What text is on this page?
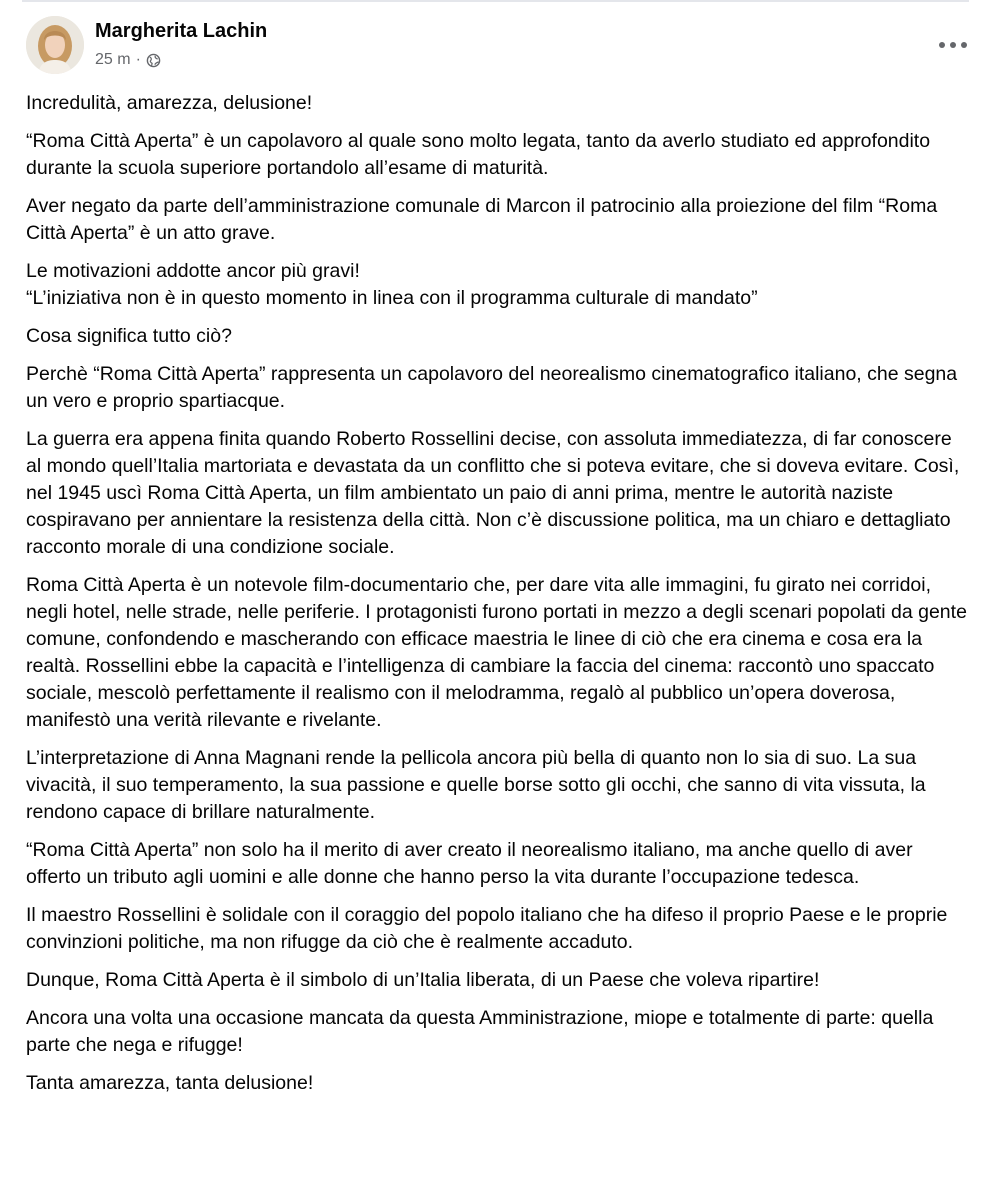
Margherita Lachin
25 m ·

Incredulità, amarezza, delusione!

“Roma Città Aperta” è un capolavoro al quale sono molto legata, tanto da averlo studiato ed approfondito durante la scuola superiore portandolo all’esame di maturità.

Aver negato da parte dell’amministrazione comunale di Marcon il patrocinio alla proiezione del film “Roma Città Aperta” è un atto grave.

Le motivazioni addotte ancor più gravi!
“L’iniziativa non è in questo momento in linea con il programma culturale di mandato”

Cosa significa tutto ciò?

Perchè “Roma Città Aperta” rappresenta un capolavoro del neorealismo cinematografico italiano, che segna un vero e proprio spartiacque.

La guerra era appena finita quando Roberto Rossellini decise, con assoluta immediatezza, di far conoscere al mondo quell’Italia martoriata e devastata da un conflitto che si poteva evitare, che si doveva evitare. Così, nel 1945 uscì Roma Città Aperta, un film ambientato un paio di anni prima, mentre le autorità naziste cospiravano per annientare la resistenza della città. Non c’è discussione politica, ma un chiaro e dettagliato racconto morale di una condizione sociale.

Roma Città Aperta è un notevole film-documentario che, per dare vita alle immagini, fu girato nei corridoi, negli hotel, nelle strade, nelle periferie. I protagonisti furono portati in mezzo a degli scenari popolati da gente comune, confondendo e mascherando con efficace maestria le linee di ciò che era cinema e cosa era la realtà. Rossellini ebbe la capacità e l’intelligenza di cambiare la faccia del cinema: raccontò uno spaccato sociale, mescolò perfettamente il realismo con il melodramma, regalò al pubblico un’opera doverosa, manifestò una verità rilevante e rivelante.

L’interpretazione di Anna Magnani rende la pellicola ancora più bella di quanto non lo sia di suo. La sua vivacità, il suo temperamento, la sua passione e quelle borse sotto gli occhi, che sanno di vita vissuta, la rendono capace di brillare naturalmente.

“Roma Città Aperta” non solo ha il merito di aver creato il neorealismo italiano, ma anche quello di aver offerto un tributo agli uomini e alle donne che hanno perso la vita durante l’occupazione tedesca.

Il maestro Rossellini è solidale con il coraggio del popolo italiano che ha difeso il proprio Paese e le proprie convinzioni politiche, ma non rifugge da ciò che è realmente accaduto.

Dunque, Roma Città Aperta è il simbolo di un’Italia liberata, di un Paese che voleva ripartire!

Ancora una volta una occasione mancata da questa Amministrazione, miope e totalmente di parte: quella parte che nega e rifugge!

Tanta amarezza, tanta delusione!
